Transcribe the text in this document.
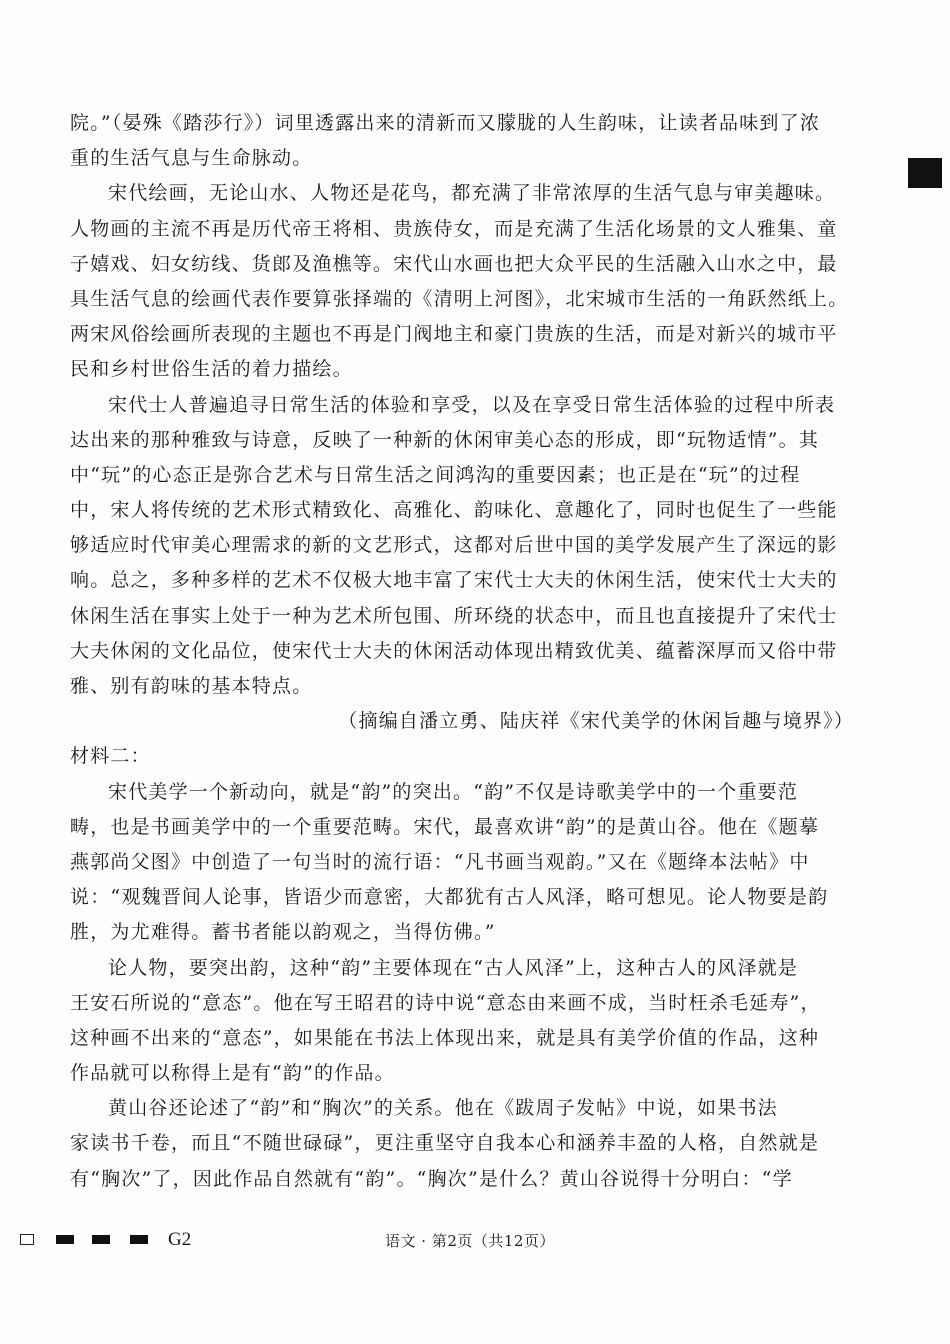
院。”（晏殊《踏莎行》）词里透露出来的清新而又朦胧的人生韵味，让读者品味到了浓
重的生活气息与生命脉动。
宋代绘画，无论山水、人物还是花鸟，都充满了非常浓厚的生活气息与审美趣味。
人物画的主流不再是历代帝王将相、贵族侍女，而是充满了生活化场景的文人雅集、童
子嬉戏、妇女纺线、货郎及渔樵等。宋代山水画也把大众平民的生活融入山水之中，最
具生活气息的绘画代表作要算张择端的《清明上河图》，北宋城市生活的一角跃然纸上。
两宋风俗绘画所表现的主题也不再是门阀地主和豪门贵族的生活，而是对新兴的城市平
民和乡村世俗生活的着力描绘。
宋代士人普遍追寻日常生活的体验和享受，以及在享受日常生活体验的过程中所表
达出来的那种雅致与诗意，反映了一种新的休闲审美心态的形成，即“玩物适情”。其
中“玩”的心态正是弥合艺术与日常生活之间鸿沟的重要因素；也正是在“玩”的过程
中，宋人将传统的艺术形式精致化、高雅化、韵味化、意趣化了，同时也促生了一些能
够适应时代审美心理需求的新的文艺形式，这都对后世中国的美学发展产生了深远的影
响。总之，多种多样的艺术不仅极大地丰富了宋代士大夫的休闲生活，使宋代士大夫的
休闲生活在事实上处于一种为艺术所包围、所环绕的状态中，而且也直接提升了宋代士
大夫休闲的文化品位，使宋代士大夫的休闲活动体现出精致优美、蕴蓄深厚而又俗中带
雅、别有韵味的基本特点。
（摘编自潘立勇、陆庆祥《宋代美学的休闲旨趣与境界》）
材料二：
宋代美学一个新动向，就是“韵”的突出。“韵”不仅是诗歌美学中的一个重要范
畴，也是书画美学中的一个重要范畴。宋代，最喜欢讲“韵”的是黄山谷。他在《题摹
燕郭尚父图》中创造了一句当时的流行语：“凡书画当观韵。”又在《题绛本法帖》中
说：“观魏晋间人论事，皆语少而意密，大都犹有古人风泽，略可想见。论人物要是韵
胜，为尤难得。蓄书者能以韵观之，当得仿佛。”
论人物，要突出韵，这种“韵”主要体现在“古人风泽”上，这种古人的风泽就是
王安石所说的“意态”。他在写王昭君的诗中说“意态由来画不成，当时枉杀毛延寿”，
这种画不出来的“意态”，如果能在书法上体现出来，就是具有美学价值的作品，这种
作品就可以称得上是有“韵”的作品。
黄山谷还论述了“韵”和“胸次”的关系。他在《跋周子发帖》中说，如果书法
家读书千卷，而且“不随世碌碌”，更注重坚守自我本心和涵养丰盈的人格，自然就是
有“胸次”了，因此作品自然就有“韵”。“胸次”是什么？黄山谷说得十分明白：“学
G2	语文 · 第2页（共12页）
